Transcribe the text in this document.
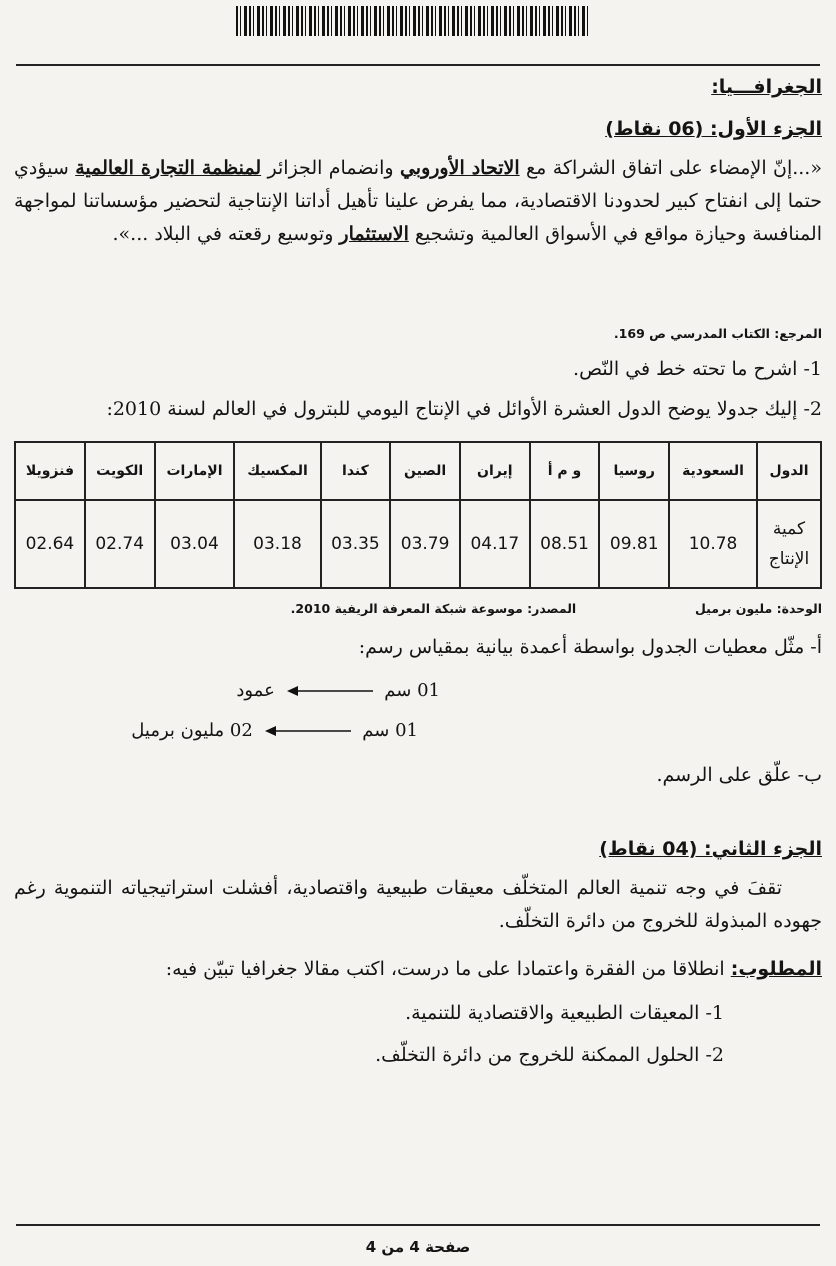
الجغرافـــيا:
الجزء الأول: (06 نقاط)
«...إنّ الإمضاء على اتفاق الشراكة مع الاتحاد الأوروبي وانضمام الجزائر لمنظمة التجارة العالمية سيؤدي حتما إلى انفتاح كبير لحدودنا الاقتصادية، مما يفرض علينا تأهيل أداتنا الإنتاجية لتحضير مؤسساتنا لمواجهة المنافسة وحيازة مواقع في الأسواق العالمية وتشجيع الاستثمار وتوسيع رقعته في البلاد ...».
المرجع: الكتاب المدرسي ص 169.
1- اشرح ما تحته خط في النّص.
2- إليك جدولا يوضح الدول العشرة الأوائل في الإنتاج اليومي للبترول في العالم لسنة 2010:
الدول	السعودية	روسيا	و م أ	إيران	الصين	كندا	المكسيك	الإمارات	الكويت	فنزويلا
كمية الإنتاج	10.78	09.81	08.51	04.17	03.79	03.35	03.18	03.04	02.74	02.64
الوحدة: مليون برميل  المصدر: موسوعة شبكة المعرفة الريفية 2010.
أ- مثّل معطيات الجدول بواسطة أعمدة بيانية بمقياس رسم:
01 سم  عمود
01 سم  02 مليون برميل
ب- علّق على الرسم.
الجزء الثاني: (04 نقاط)
تقفَ في وجه تنمية العالم المتخلّف معيقات طبيعية واقتصادية، أفشلت استراتيجياته التنموية رغم جهوده المبذولة للخروج من دائرة التخلّف.
المطلوب: انطلاقا من الفقرة واعتمادا على ما درست، اكتب مقالا جغرافيا تبيّن فيه:
1- المعيقات الطبيعية والاقتصادية للتنمية.
2- الحلول الممكنة للخروج من دائرة التخلّف.
صفحة 4 من 4
